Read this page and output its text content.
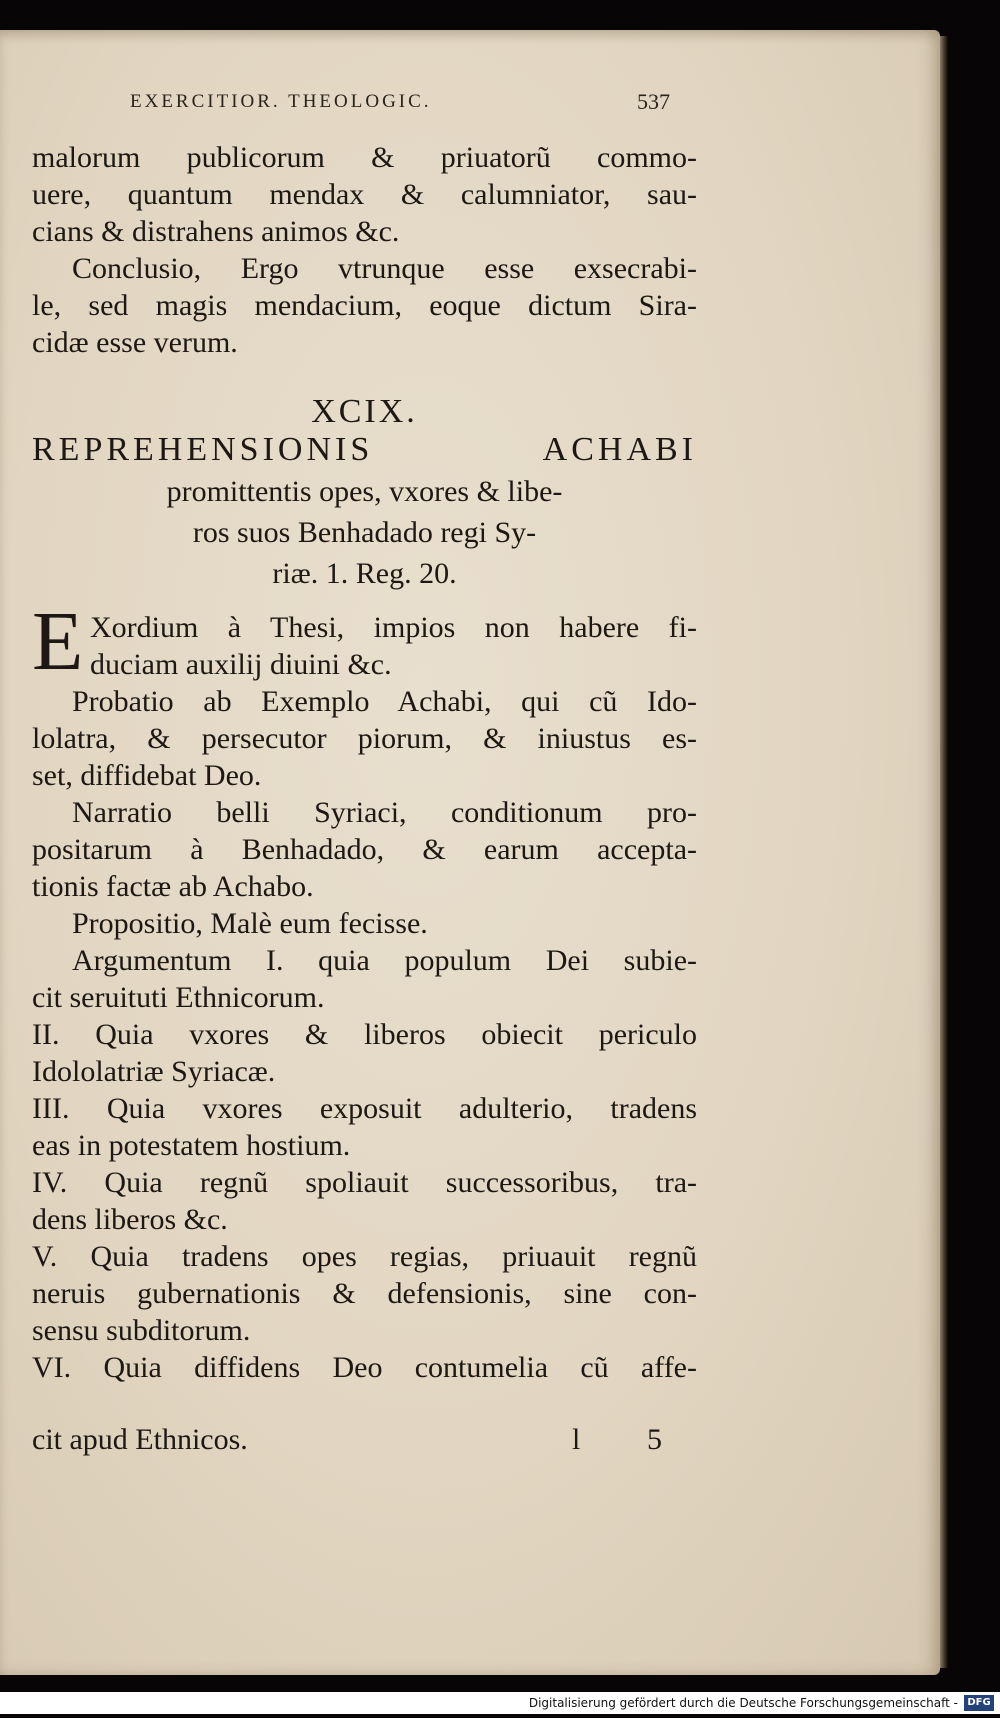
EXERCITIOR. THEOLOGIC.	537
malorum publicorum & priuatorũ commo-
uere, quantum mendax & calumniator, sau-
cians & distrahens animos &c.
Conclusio, Ergo vtrunque esse exsecrabi-
le, sed magis mendacium, eoque dictum Sira-
cidæ esse verum.
XCIX.
REPREHENSIONIS ACHABI
promittentis opes, vxores & libe-
ros suos Benhadado regi Sy-
riæ. 1. Reg. 20.
E Xordium à Thesi, impios non habere fi-
duciam auxilij diuini &c.
Probatio ab Exemplo Achabi, qui cũ Ido-
lolatra, & persecutor piorum, & iniustus es-
set, diffidebat Deo.
Narratio belli Syriaci, conditionum pro-
positarum à Benhadado, & earum accepta-
tionis factæ ab Achabo.
Propositio, Malè eum fecisse.
Argumentum I. quia populum Dei subie-
cit seruituti Ethnicorum.
II. Quia vxores & liberos obiecit periculo
Idololatriæ Syriacæ.
III. Quia vxores exposuit adulterio, tradens
eas in potestatem hostium.
IV. Quia regnũ spoliauit successoribus, tra-
dens liberos &c.
V. Quia tradens opes regias, priuauit regnũ
neruis gubernationis & defensionis, sine con-
sensu subditorum.
VI. Quia diffidens Deo contumelia cũ affe-
cit apud Ethnicos.	l 5
Digitalisierung gefördert durch die Deutsche Forschungsgemeinschaft - DFG
